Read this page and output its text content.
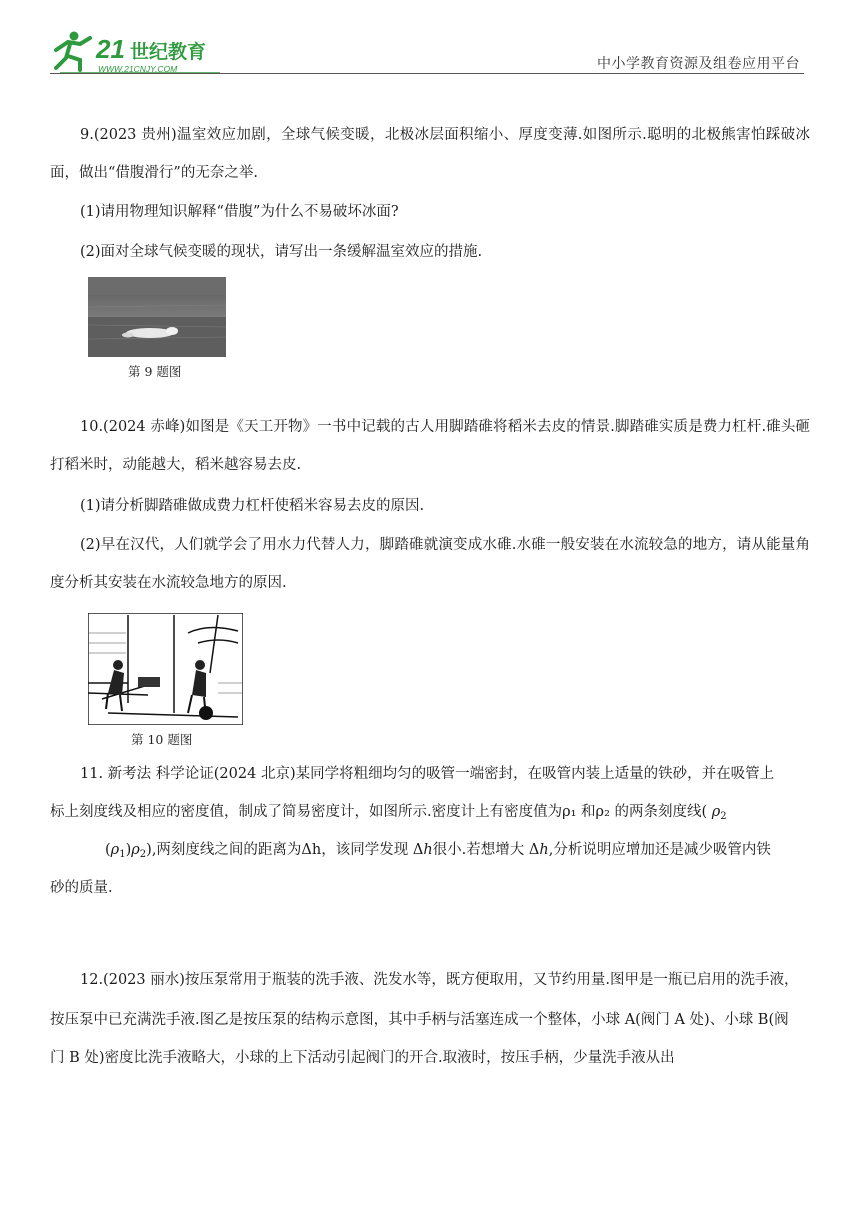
21 世纪教育
WWW.21CNJY.COM	中小学教育资源及组卷应用平台
9.(2023 贵州)温室效应加剧，全球气候变暖，北极冰层面积缩小、厚度变薄.如图所示.聪明的北极熊害怕踩破冰面，做出“借腹滑行”的无奈之举.
(1)请用物理知识解释“借腹”为什么不易破坏冰面?
(2)面对全球气候变暖的现状，请写出一条缓解温室效应的措施.
第 9 题图
10.(2024 赤峰)如图是《天工开物》一书中记载的古人用脚踏碓将稻米去皮的情景.脚踏碓实质是费力杠杆.碓头砸打稻米时，动能越大，稻米越容易去皮.
(1)请分析脚踏碓做成费力杠杆使稻米容易去皮的原因.
(2)早在汉代，人们就学会了用水力代替人力，脚踏碓就演变成水碓.水碓一般安装在水流较急的地方，请从能量角度分析其安装在水流较急地方的原因.
第 10 题图
11. 新考法 科学论证(2024 北京)某同学将粗细均匀的吸管一端密封，在吸管内装上适量的铁砂，并在吸管上
标上刻度线及相应的密度值，制成了简易密度计，如图所示.密度计上有密度值为ρ₁ 和ρ₂ 的两条刻度线( $\rho_2$
$(\rho_1)\rho_2$),两刻度线之间的距离为Δh，该同学发现 Δh很小.若想增大 Δh,分析说明应增加还是减少吸管内铁
砂的质量.
12.(2023 丽水)按压泵常用于瓶装的洗手液、洗发水等，既方便取用，又节约用量.图甲是一瓶已启用的洗手液，
按压泵中已充满洗手液.图乙是按压泵的结构示意图，其中手柄与活塞连成一个整体，小球 A(阀门 A 处)、小球 B(阀
门 B 处)密度比洗手液略大，小球的上下活动引起阀门的开合.取液时，按压手柄，少量洗手液从出
